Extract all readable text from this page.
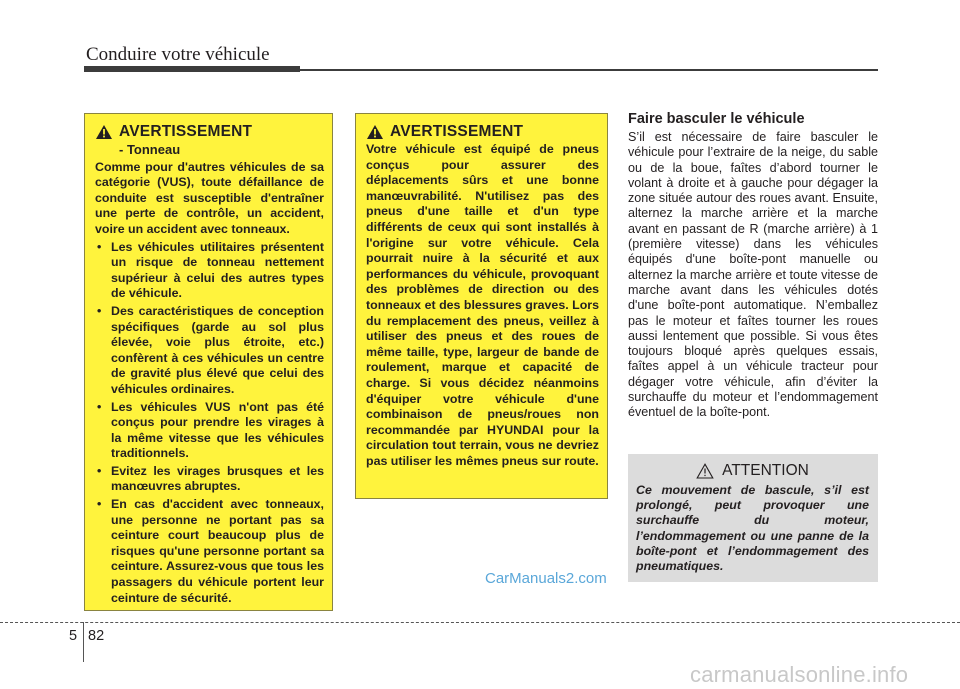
Conduire votre véhicule
AVERTISSEMENT
- Tonneau

Comme pour d'autres véhicules de sa catégorie (VUS), toute défaillance de conduite est susceptible d'entraîner une perte de contrôle, un accident, voire un accident avec tonneaux.

• Les véhicules utilitaires présentent un risque de tonneau nettement supérieur à celui des autres types de véhicule.
• Des caractéristiques de conception spécifiques (garde au sol plus élevée, voie plus étroite, etc.) confèrent à ces véhicules un centre de gravité plus élevé que celui des véhicules ordinaires.
• Les véhicules VUS n'ont pas été conçus pour prendre les virages à la même vitesse que les véhicules traditionnels.
• Evitez les virages brusques et les manœuvres abruptes.
• En cas d'accident avec tonneaux, une personne ne portant pas sa ceinture court beaucoup plus de risques qu'une personne portant sa ceinture. Assurez-vous que tous les passagers du véhicule portent leur ceinture de sécurité.
AVERTISSEMENT

Votre véhicule est équipé de pneus conçus pour assurer des déplacements sûrs et une bonne manœuvrabilité. N'utilisez pas des pneus d'une taille et d'un type différents de ceux qui sont installés à l'origine sur votre véhicule. Cela pourrait nuire à la sécurité et aux performances du véhicule, provoquant des problèmes de direction ou des tonneaux et des blessures graves. Lors du remplacement des pneus, veillez à utiliser des pneus et des roues de même taille, type, largeur de bande de roulement, marque et capacité de charge. Si vous décidez néanmoins d'équiper votre véhicule d'une combinaison de pneus/roues non recommandée par HYUNDAI pour la circulation tout terrain, vous ne devriez pas utiliser les mêmes pneus sur route.

Faire basculer le véhicule

S’il est nécessaire de faire basculer le véhicule pour l’extraire de la neige, du sable ou de la boue, faîtes d’abord tourner le volant à droite et à gauche pour dégager la zone située autour des roues avant. Ensuite, alternez la marche arrière et la marche avant en passant de R (marche arrière) à 1 (première vitesse) dans les véhicules équipés d'une boîte-pont manuelle ou alternez la marche arrière et toute vitesse de marche avant dans les véhicules dotés d'une boîte-pont automatique. N’emballez pas le moteur et faîtes tourner les roues aussi lentement que possible. Si vous êtes toujours bloqué après quelques essais, faîtes appel à un véhicule tracteur pour dégager votre véhicule, afin d’éviter la surchauffe du moteur et l’endommagement éventuel de la boîte-pont.

ATTENTION

Ce mouvement de bascule, s’il est prolongé, peut provoquer une surchauffe du moteur, l’endommagement ou une panne de la boîte-pont et l’endommagement des pneumatiques.

CarManuals2.com
5 82
carmanualsonline.info
